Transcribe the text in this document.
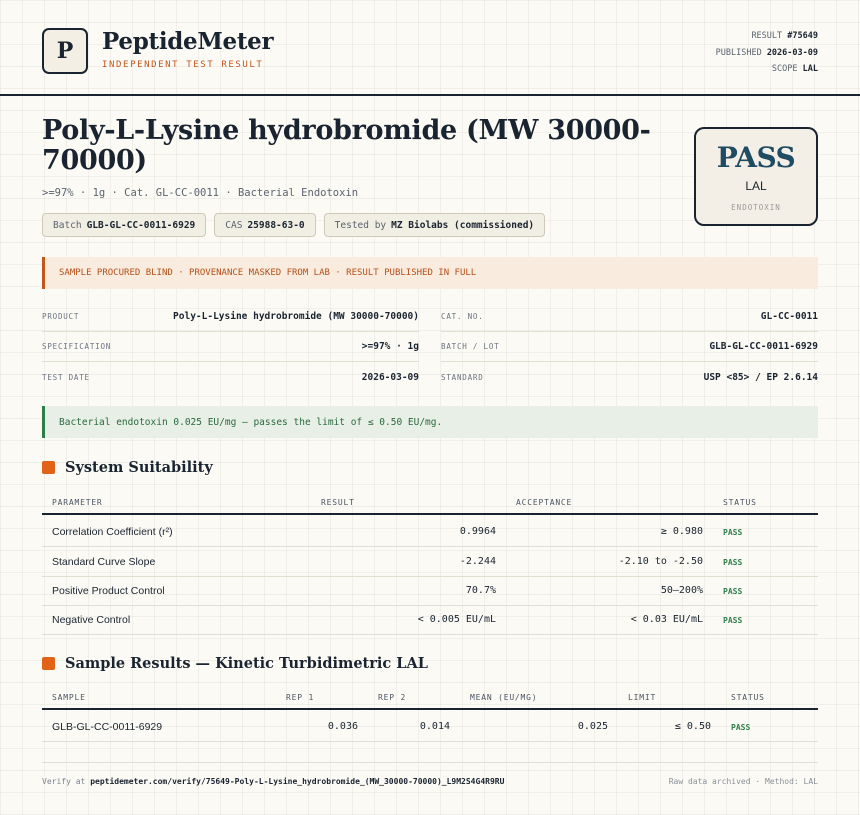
P	PeptideMeter
INDEPENDENT TEST RESULT
RESULT #75649
PUBLISHED 2026-03-09
SCOPE LAL
Poly-L-Lysine hydrobromide (MW 30000-70000)
>=97% · 1g · Cat. GL-CC-0011 · Bacterial Endotoxin
Batch GLB-GL-CC-0011-6929	CAS 25988-63-0	Tested by MZ Biolabs (commissioned)
PASS
LAL
ENDOTOXIN
SAMPLE PROCURED BLIND · PROVENANCE MASKED FROM LAB · RESULT PUBLISHED IN FULL
PRODUCT	Poly-L-Lysine hydrobromide (MW 30000-70000)
SPECIFICATION	>=97% · 1g
TEST DATE	2026-03-09
CAT. NO.	GL-CC-0011
BATCH / LOT	GLB-GL-CC-0011-6929
STANDARD	USP <85> / EP 2.6.14
Bacterial endotoxin 0.025 EU/mg — passes the limit of ≤ 0.50 EU/mg.
System Suitability
PARAMETER	RESULT	ACCEPTANCE	STATUS
Correlation Coefficient (r²)	0.9964	≥ 0.980	PASS
Standard Curve Slope	-2.244	-2.10 to -2.50	PASS
Positive Product Control	70.7%	50–200%	PASS
Negative Control	< 0.005 EU/mL	< 0.03 EU/mL	PASS
Sample Results — Kinetic Turbidimetric LAL
SAMPLE	REP 1	REP 2	MEAN (EU/MG)	LIMIT	STATUS
GLB-GL-CC-0011-6929	0.036	0.014	0.025	≤ 0.50	PASS
Verify at peptidemeter.com/verify/75649-Poly-L-Lysine_hydrobromide_(MW_30000-70000)_L9M2S4G4R9RU	Raw data archived · Method: LAL
